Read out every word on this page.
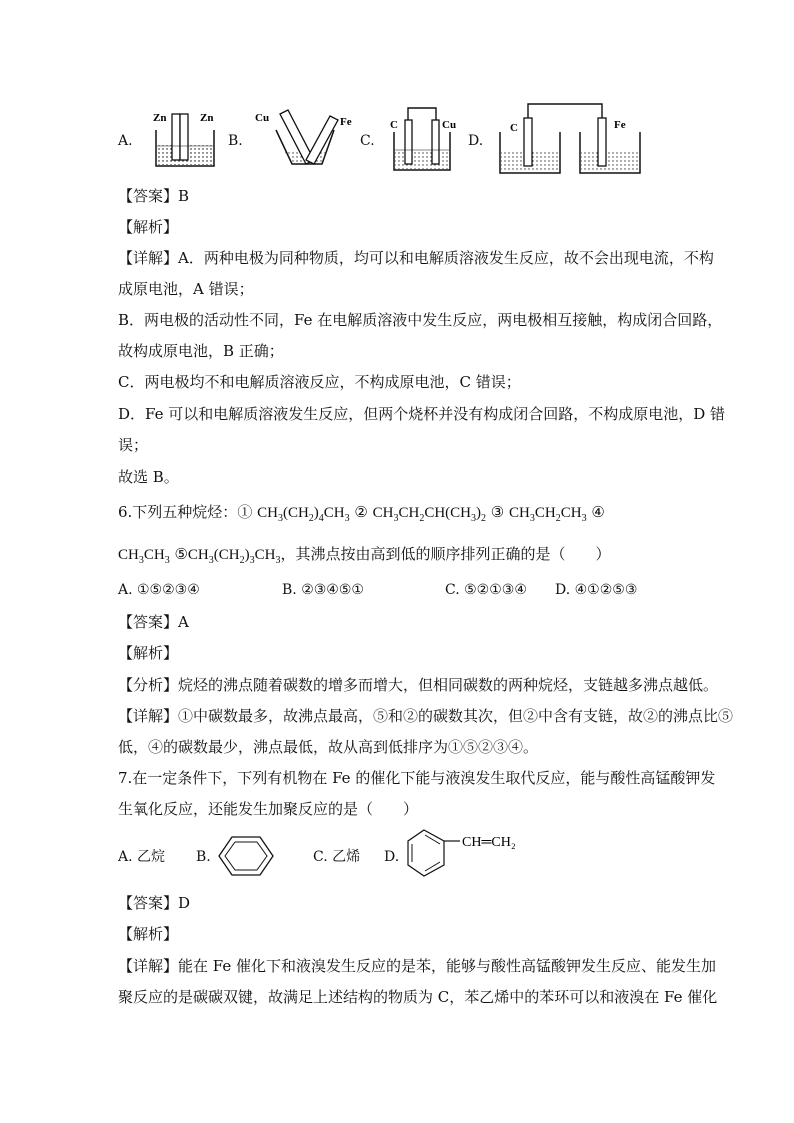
A.
Zn	Zn
B.
Cu	Fe
C.
C	Cu
D.
C	Fe
【答案】B
【解析】
【详解】A．两种电极为同种物质，均可以和电解质溶液发生反应，故不会出现电流，不构
成原电池，A 错误；
B．两电极的活动性不同，Fe 在电解质溶液中发生反应，两电极相互接触，构成闭合回路，
故构成原电池，B 正确；
C．两电极均不和电解质溶液反应，不构成原电池，C 错误；
D．Fe 可以和电解质溶液发生反应，但两个烧杯并没有构成闭合回路，不构成原电池，D 错
误；
故选 B。
6.下列五种烷烃：① $CH_3(CH_2)_4CH_3$ ② $CH_3CH_2CH(CH_3)_2$ ③ $CH_3CH_2CH_3$ ④
$CH_3CH_3$ $⑤CH_3(CH_2)_3CH_3$，其沸点按由高到低的顺序排列正确的是（　　）
A. ①⑤②③④	B. ②③④⑤①	C. ⑤②①③④ D. ④①②⑤③
【答案】A
【解析】
【分析】烷烃的沸点随着碳数的增多而增大，但相同碳数的两种烷烃，支链越多沸点越低。
【详解】①中碳数最多，故沸点最高，⑤和②的碳数其次，但②中含有支链，故②的沸点比⑤
低，④的碳数最少，沸点最低，故从高到低排序为①⑤②③④。
7.在一定条件下，下列有机物在 Fe 的催化下能与液溴发生取代反应，能与酸性高锰酸钾发
生氧化反应，还能发生加聚反应的是（　　）
A. 乙烷 B.	C. 乙烯 D.
CH═CH₂
【答案】D
【解析】
【详解】能在 Fe 催化下和液溴发生反应的是苯，能够与酸性高锰酸钾发生反应、能发生加
聚反应的是碳碳双键，故满足上述结构的物质为 C，苯乙烯中的苯环可以和液溴在 Fe 催化
